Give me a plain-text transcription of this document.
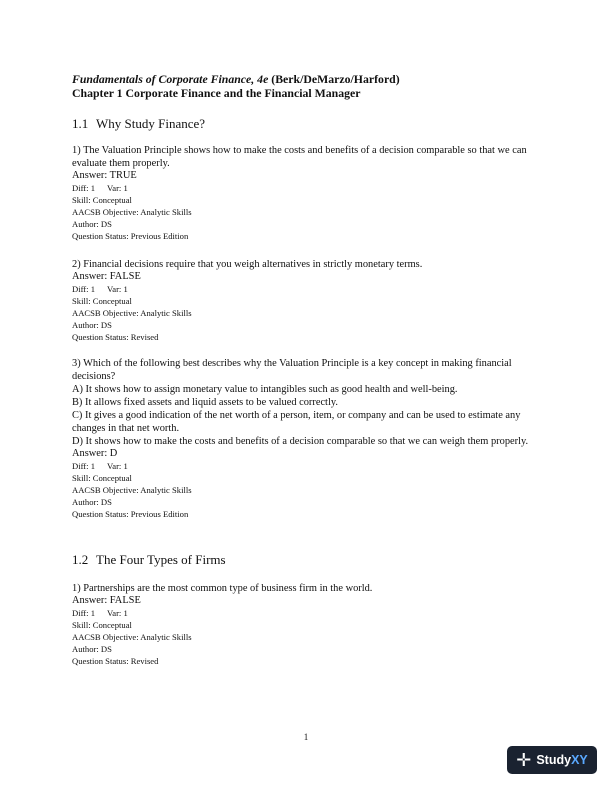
Fundamentals of Corporate Finance, 4e (Berk/DeMarzo/Harford)

Chapter 1 Corporate Finance and the Financial Manager

1.1 Why Study Finance?

1) The Valuation Principle shows how to make the costs and benefits of a decision comparable so that we can evaluate them properly.

Answer: TRUE

Diff: 1 Var: 1

Skill: Conceptual

AACSB Objective: Analytic Skills

Author: DS

Question Status: Previous Edition

2) Financial decisions require that you weigh alternatives in strictly monetary terms.

Answer: FALSE

Diff: 1 Var: 1

Skill: Conceptual

AACSB Objective: Analytic Skills

Author: DS

Question Status: Revised

3) Which of the following best describes why the Valuation Principle is a key concept in making financial decisions?

A) It shows how to assign monetary value to intangibles such as good health and well-being.

B) It allows fixed assets and liquid assets to be valued correctly.

C) It gives a good indication of the net worth of a person, item, or company and can be used to estimate any changes in that net worth.

D) It shows how to make the costs and benefits of a decision comparable so that we can weigh them properly.

Answer: D

Diff: 1 Var: 1

Skill: Conceptual

AACSB Objective: Analytic Skills

Author: DS

Question Status: Previous Edition

1.2 The Four Types of Firms

1) Partnerships are the most common type of business firm in the world.

Answer: FALSE

Diff: 1 Var: 1

Skill: Conceptual

AACSB Objective: Analytic Skills

Author: DS

Question Status: Revised

1
✛ Study XY
